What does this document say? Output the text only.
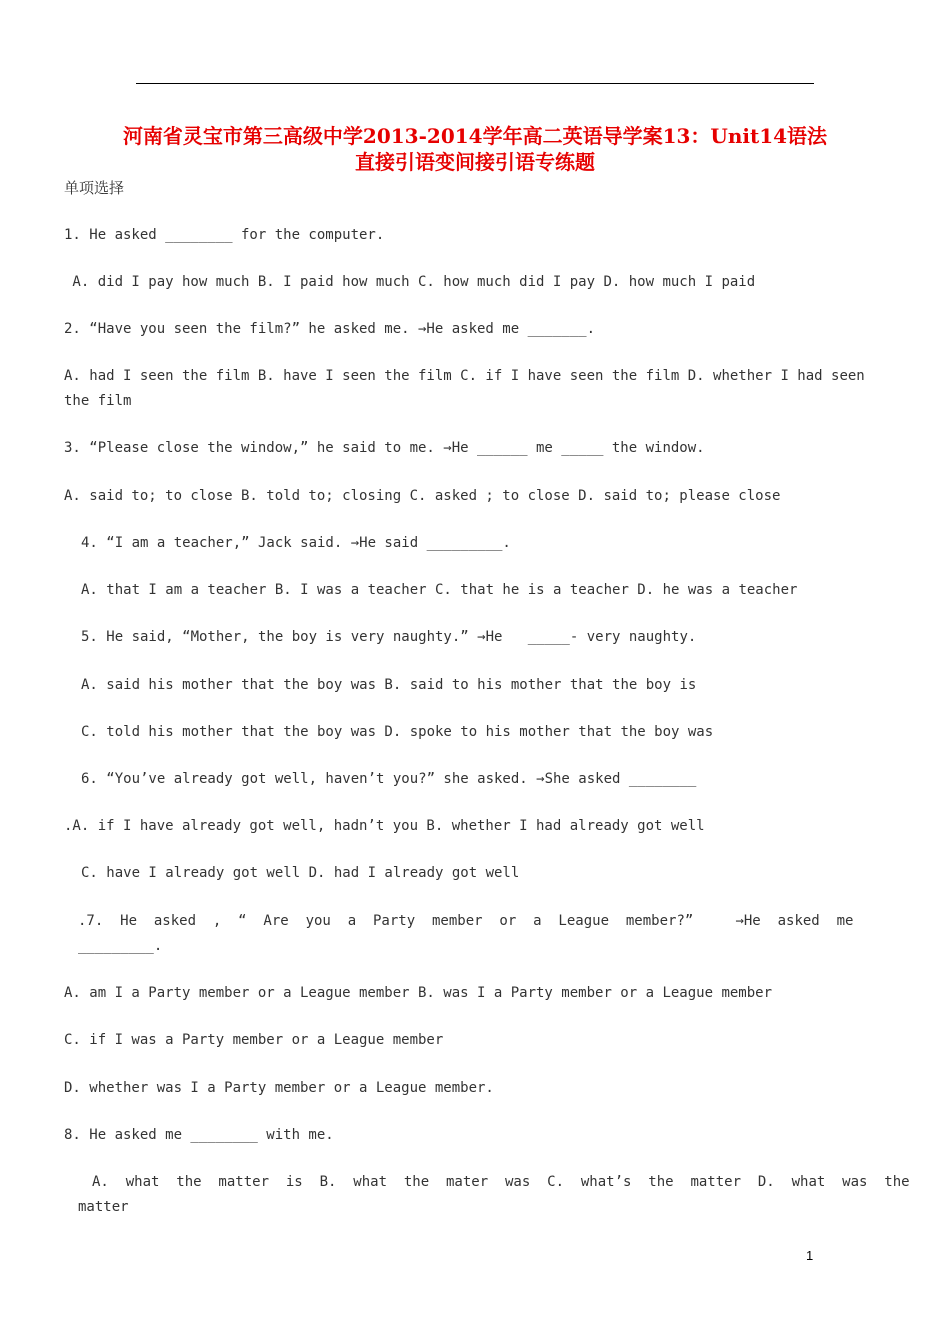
河南省灵宝市第三高级中学2013-2014学年高二英语导学案13：Unit14语法
直接引语变间接引语专练题
单项选择
1. He asked ________ for the computer.
A. did I pay how much B. I paid how much C. how much did I pay D. how much I paid
2. “Have you seen the film?” he asked me. →He asked me _______.
A. had I seen the film B. have I seen the film C. if I have seen the film D. whether I had seen
the film
3. “Please close the window,” he said to me. →He ______ me _____ the window.
A. said to; to close B. told to; closing C. asked ; to close D. said to; please close
4. “I am a teacher,” Jack said. →He said _________.
A. that I am a teacher B. I was a teacher C. that he is a teacher D. he was a teacher
5. He said, “Mother, the boy is very naughty.” →He   _____- very naughty.
A. said his mother that the boy was B. said to his mother that the boy is
C. told his mother that the boy was D. spoke to his mother that the boy was
6. “You’ve already got well, haven’t you?” she asked. →She asked ________
.A. if I have already got well, hadn’t you B. whether I had already got well
C. have I already got well D. had I already got well
.7.  He  asked  ,  “  Are  you  a  Party  member  or  a  League  member?”     →He  asked  me
_________.
A. am I a Party member or a League member B. was I a Party member or a League member
C. if I was a Party member or a League member
D. whether was I a Party member or a League member.
8. He asked me ________ with me.
A.  what  the  matter  is  B.  what  the  mater  was  C.  what’s  the  matter  D.  what  was  the
matter
1
